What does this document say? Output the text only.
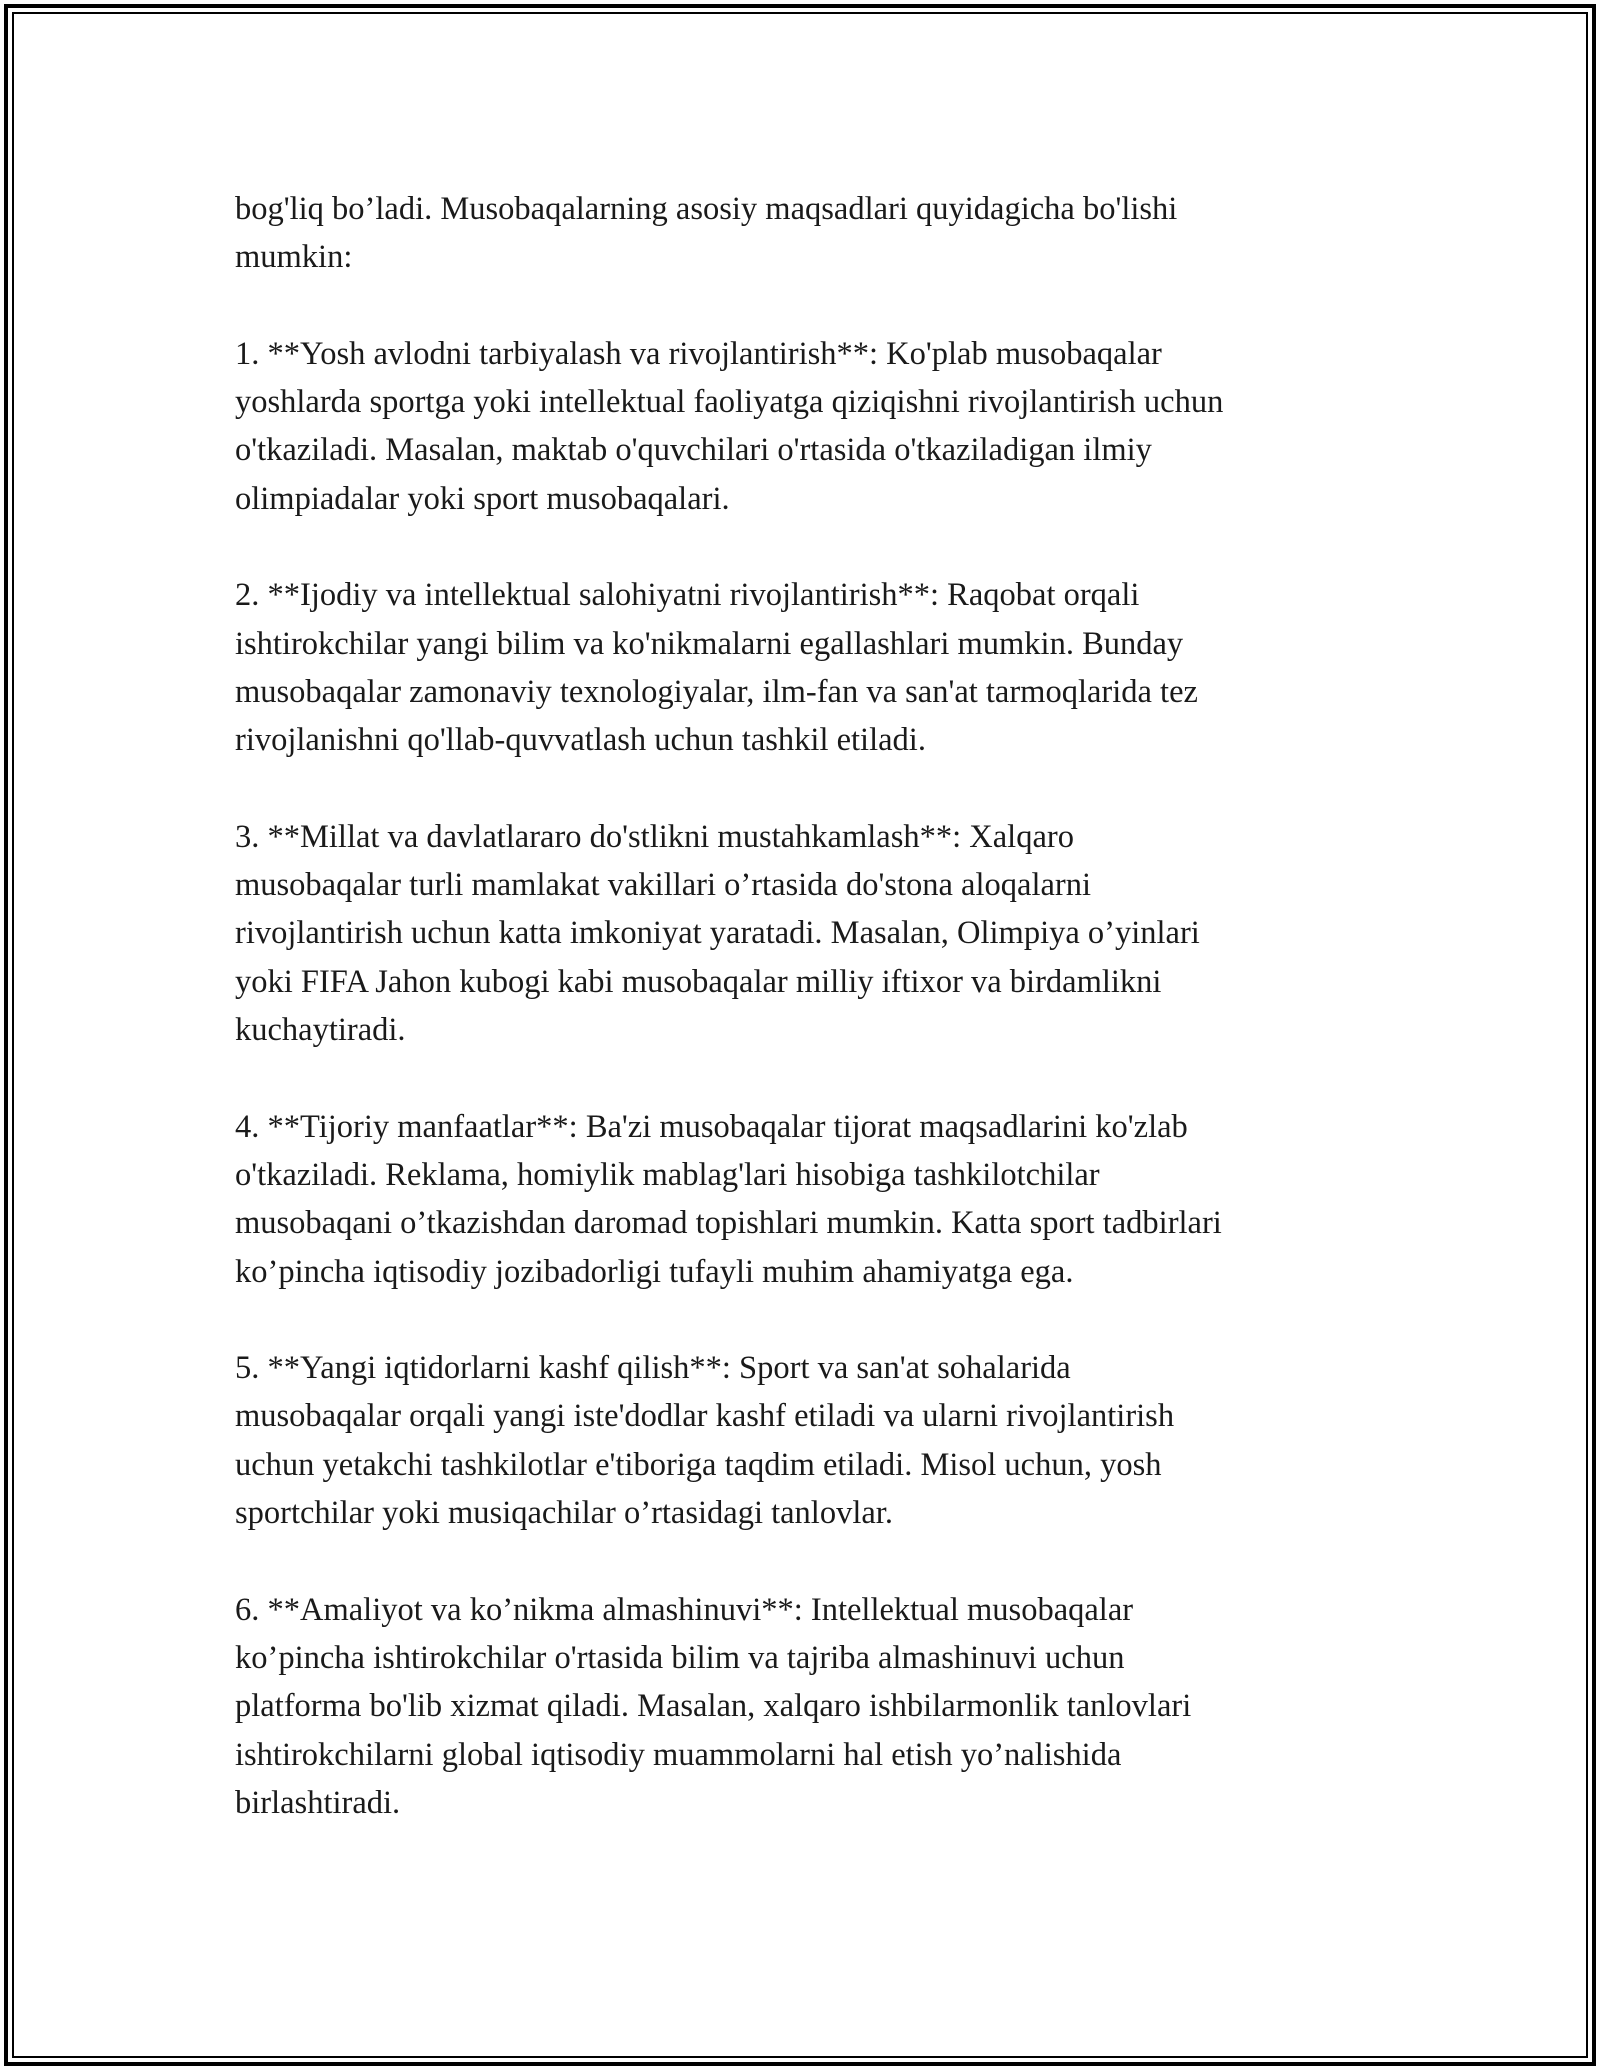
bog'liq bo’ladi. Musobaqalarning asosiy maqsadlari quyidagicha bo'lishi
mumkin:

1. **Yosh avlodni tarbiyalash va rivojlantirish**: Ko'plab musobaqalar
yoshlarda sportga yoki intellektual faoliyatga qiziqishni rivojlantirish uchun
o'tkaziladi. Masalan, maktab o'quvchilari o'rtasida o'tkaziladigan ilmiy
olimpiadalar yoki sport musobaqalari.

2. **Ijodiy va intellektual salohiyatni rivojlantirish**: Raqobat orqali
ishtirokchilar yangi bilim va ko'nikmalarni egallashlari mumkin. Bunday
musobaqalar zamonaviy texnologiyalar, ilm-fan va san'at tarmoqlarida tez
rivojlanishni qo'llab-quvvatlash uchun tashkil etiladi.

3. **Millat va davlatlararo do'stlikni mustahkamlash**: Xalqaro
musobaqalar turli mamlakat vakillari o’rtasida do'stona aloqalarni
rivojlantirish uchun katta imkoniyat yaratadi. Masalan, Olimpiya o’yinlari
yoki FIFA Jahon kubogi kabi musobaqalar milliy iftixor va birdamlikni
kuchaytiradi.

4. **Tijoriy manfaatlar**: Ba'zi musobaqalar tijorat maqsadlarini ko'zlab
o'tkaziladi. Reklama, homiylik mablag'lari hisobiga tashkilotchilar
musobaqani o’tkazishdan daromad topishlari mumkin. Katta sport tadbirlari
ko’pincha iqtisodiy jozibadorligi tufayli muhim ahamiyatga ega.

5. **Yangi iqtidorlarni kashf qilish**: Sport va san'at sohalarida
musobaqalar orqali yangi iste'dodlar kashf etiladi va ularni rivojlantirish
uchun yetakchi tashkilotlar e'tiboriga taqdim etiladi. Misol uchun, yosh
sportchilar yoki musiqachilar o’rtasidagi tanlovlar.

6. **Amaliyot va ko’nikma almashinuvi**: Intellektual musobaqalar
ko’pincha ishtirokchilar o'rtasida bilim va tajriba almashinuvi uchun
platforma bo'lib xizmat qiladi. Masalan, xalqaro ishbilarmonlik tanlovlari
ishtirokchilarni global iqtisodiy muammolarni hal etish yo’nalishida
birlashtiradi.
